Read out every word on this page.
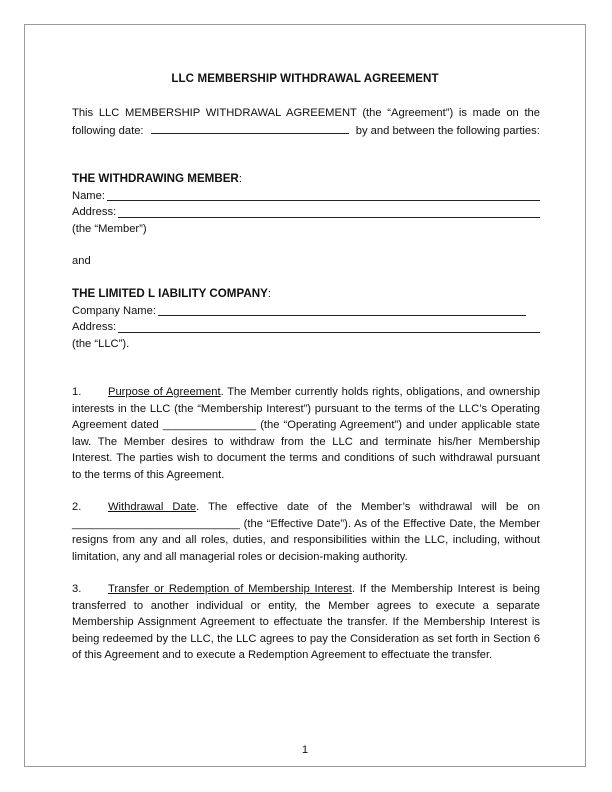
LLC MEMBERSHIP WITHDRAWAL AGREEMENT
This LLC MEMBERSHIP WITHDRAWAL AGREEMENT (the “Agreement”) is made on the following date:	by and between the following parties:
THE WITHDRAWING MEMBER:
Name:
Address:
(the “Member”)
and
THE LIMITED L IABILITY COMPANY:
Company Name:
Address:
(the “LLC”).
1. Purpose of Agreement. The Member currently holds rights, obligations, and ownership interests in the LLC (the “Membership Interest”) pursuant to the terms of the LLC’s Operating Agreement dated _______________ (the “Operating Agreement”) and under applicable state law. The Member desires to withdraw from the LLC and terminate his/her Membership Interest. The parties wish to document the terms and conditions of such withdrawal pursuant to the terms of this Agreement.
2. Withdrawal Date. The effective date of the Member’s withdrawal will be on ___________________________ (the “Effective Date”). As of the Effective Date, the Member resigns from any and all roles, duties, and responsibilities within the LLC, including, without limitation, any and all managerial roles or decision-making authority.
3. Transfer or Redemption of Membership Interest. If the Membership Interest is being transferred to another individual or entity, the Member agrees to execute a separate Membership Assignment Agreement to effectuate the transfer. If the Membership Interest is being redeemed by the LLC, the LLC agrees to pay the Consideration as set forth in Section 6 of this Agreement and to execute a Redemption Agreement to effectuate the transfer.
1
